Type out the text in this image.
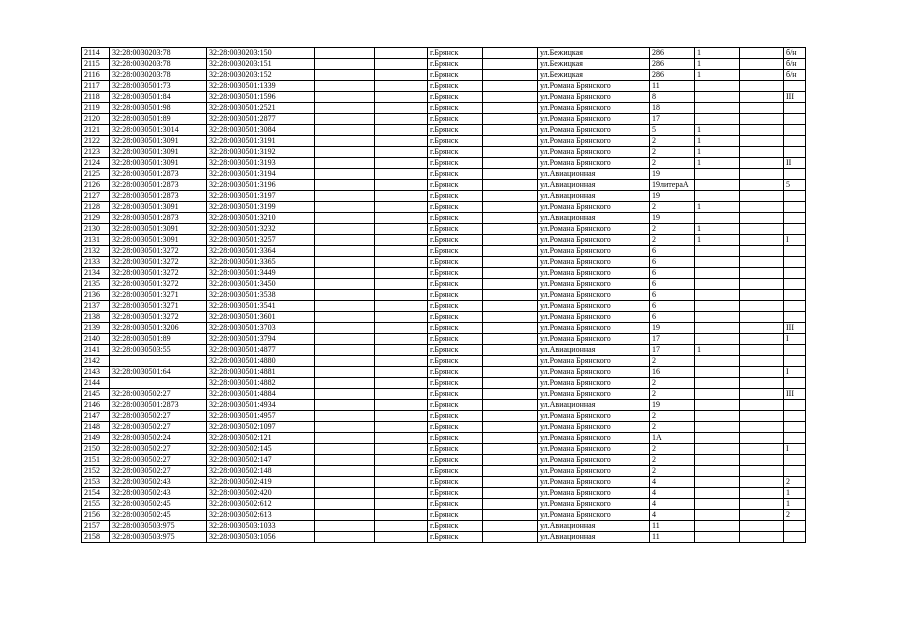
2114	32:28:0030203:78	32:28:0030203:150			г.Брянск		ул.Бежицкая	286	1		б/н
2115	32:28:0030203:78	32:28:0030203:151			г.Брянск		ул.Бежицкая	286	1		б/н
2116	32:28:0030203:78	32:28:0030203:152			г.Брянск		ул.Бежицкая	286	1		б/н
2117	32:28:0030501:73	32:28:0030501:1339			г.Брянск		ул.Романа Брянского	11			
2118	32:28:0030501:84	32:28:0030501:1596			г.Брянск		ул.Романа Брянского	8			III
2119	32:28:0030501:98	32:28:0030501:2521			г.Брянск		ул.Романа Брянского	18			
2120	32:28:0030501:89	32:28:0030501:2877			г.Брянск		ул.Романа Брянского	17			
2121	32:28:0030501:3014	32:28:0030501:3084			г.Брянск		ул.Романа Брянского	5	1		
2122	32:28:0030501:3091	32:28:0030501:3191			г.Брянск		ул.Романа Брянского	2	1		
2123	32:28:0030501:3091	32:28:0030501:3192			г.Брянск		ул.Романа Брянского	2	1		
2124	32:28:0030501:3091	32:28:0030501:3193			г.Брянск		ул.Романа Брянского	2	1		II
2125	32:28:0030501:2873	32:28:0030501:3194			г.Брянск		ул.Авиационная	19			
2126	32:28:0030501:2873	32:28:0030501:3196			г.Брянск		ул.Авиационная	19литераА			5
2127	32:28:0030501:2873	32:28:0030501:3197			г.Брянск		ул.Авиационная	19			
2128	32:28:0030501:3091	32:28:0030501:3199			г.Брянск		ул.Романа Брянского	2	1		
2129	32:28:0030501:2873	32:28:0030501:3210			г.Брянск		ул.Авиационная	19			
2130	32:28:0030501:3091	32:28:0030501:3232			г.Брянск		ул.Романа Брянского	2	1		
2131	32:28:0030501:3091	32:28:0030501:3257			г.Брянск		ул.Романа Брянского	2	1		I
2132	32:28:0030501:3272	32:28:0030501:3364			г.Брянск		ул.Романа Брянского	6			
2133	32:28:0030501:3272	32:28:0030501:3365			г.Брянск		ул.Романа Брянского	6			
2134	32:28:0030501:3272	32:28:0030501:3449			г.Брянск		ул.Романа Брянского	6			
2135	32:28:0030501:3272	32:28:0030501:3450			г.Брянск		ул.Романа Брянского	6			
2136	32:28:0030501:3271	32:28:0030501:3538			г.Брянск		ул.Романа Брянского	6			
2137	32:28:0030501:3271	32:28:0030501:3541			г.Брянск		ул.Романа Брянского	6			
2138	32:28:0030501:3272	32:28:0030501:3601			г.Брянск		ул.Романа Брянского	6			
2139	32:28:0030501:3206	32:28:0030501:3703			г.Брянск		ул.Романа Брянского	19			III
2140	32:28:0030501:89	32:28:0030501:3794			г.Брянск		ул.Романа Брянского	17			I
2141	32:28:0030503:55	32:28:0030501:4877			г.Брянск		ул.Авиационная	17	1		
2142		32:28:0030501:4880			г.Брянск		ул.Романа Брянского	2			
2143	32:28:0030501:64	32:28:0030501:4881			г.Брянск		ул.Романа Брянского	16			I
2144		32:28:0030501:4882			г.Брянск		ул.Романа Брянского	2			
2145	32:28:0030502:27	32:28:0030501:4884			г.Брянск		ул.Романа Брянского	2			III
2146	32:28:0030501:2873	32:28:0030501:4934			г.Брянск		ул.Авиационная	19			
2147	32:28:0030502:27	32:28:0030501:4957			г.Брянск		ул.Романа Брянского	2			
2148	32:28:0030502:27	32:28:0030502:1097			г.Брянск		ул.Романа Брянского	2			
2149	32:28:0030502:24	32:28:0030502:121			г.Брянск		ул.Романа Брянского	1А			
2150	32:28:0030502:27	32:28:0030502:145			г.Брянск		ул.Романа Брянского	2			I
2151	32:28:0030502:27	32:28:0030502:147			г.Брянск		ул.Романа Брянского	2			
2152	32:28:0030502:27	32:28:0030502:148			г.Брянск		ул.Романа Брянского	2			
2153	32:28:0030502:43	32:28:0030502:419			г.Брянск		ул.Романа Брянского	4			2
2154	32:28:0030502:43	32:28:0030502:420			г.Брянск		ул.Романа Брянского	4			1
2155	32:28:0030502:45	32:28:0030502:612			г.Брянск		ул.Романа Брянского	4			1
2156	32:28:0030502:45	32:28:0030502:613			г.Брянск		ул.Романа Брянского	4			2
2157	32:28:0030503:975	32:28:0030503:1033			г.Брянск		ул.Авиационная	11			
2158	32:28:0030503:975	32:28:0030503:1056			г.Брянск		ул.Авиационная	11			
